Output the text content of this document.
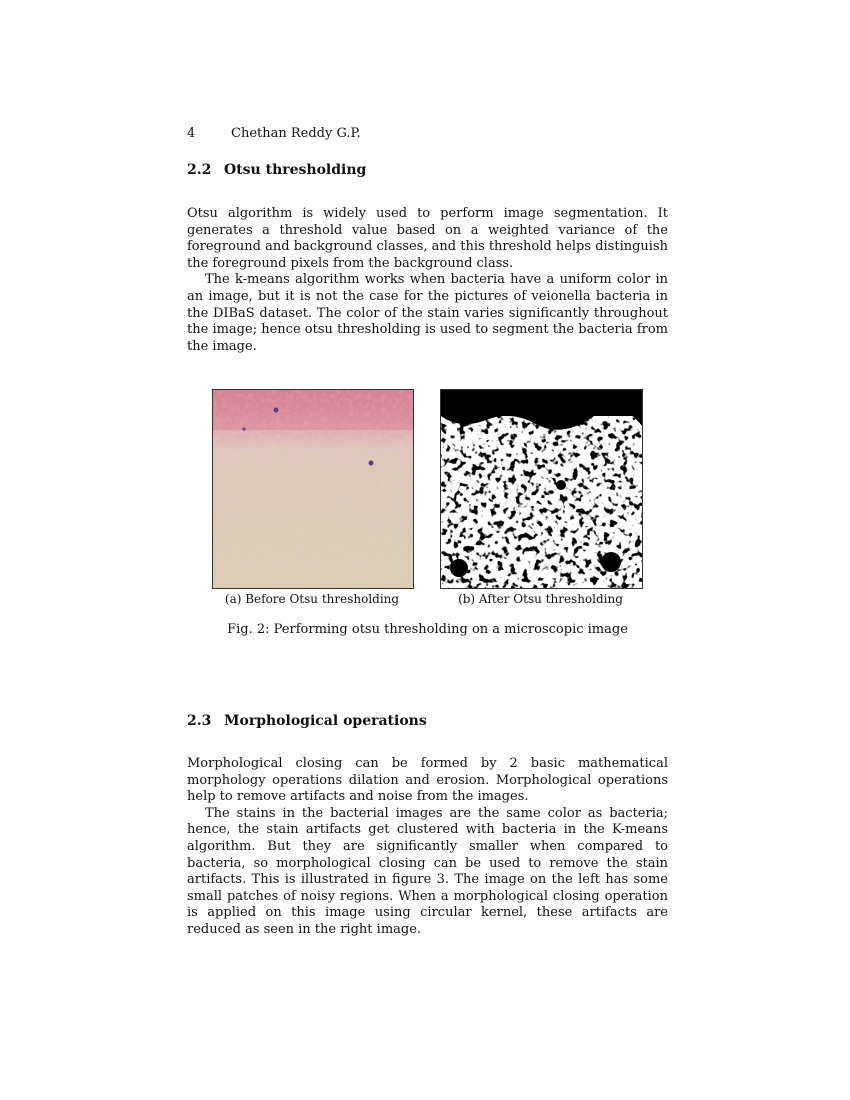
4	Chethan Reddy G.P.
2.2 Otsu thresholding

Otsu algorithm is widely used to perform image segmentation. It generates a threshold value based on a weighted variance of the foreground and background classes, and this threshold helps distinguish the foreground pixels from the background class.

The k-means algorithm works when bacteria have a uniform color in an image, but it is not the case for the pictures of veionella bacteria in the DIBaS dataset. The color of the stain varies significantly throughout the image; hence otsu thresholding is used to segment the bacteria from the image.

(a) Before Otsu thresholding	(b) After Otsu thresholding
Fig. 2: Performing otsu thresholding on a microscopic image
2.3 Morphological operations

Morphological closing can be formed by 2 basic mathematical morphology operations dilation and erosion. Morphological operations help to remove artifacts and noise from the images.

The stains in the bacterial images are the same color as bacteria; hence, the stain artifacts get clustered with bacteria in the K-means algorithm. But they are significantly smaller when compared to bacteria, so morphological closing can be used to remove the stain artifacts. This is illustrated in figure 3. The image on the left has some small patches of noisy regions. When a morphological closing operation is applied on this image using circular kernel, these artifacts are reduced as seen in the right image.
